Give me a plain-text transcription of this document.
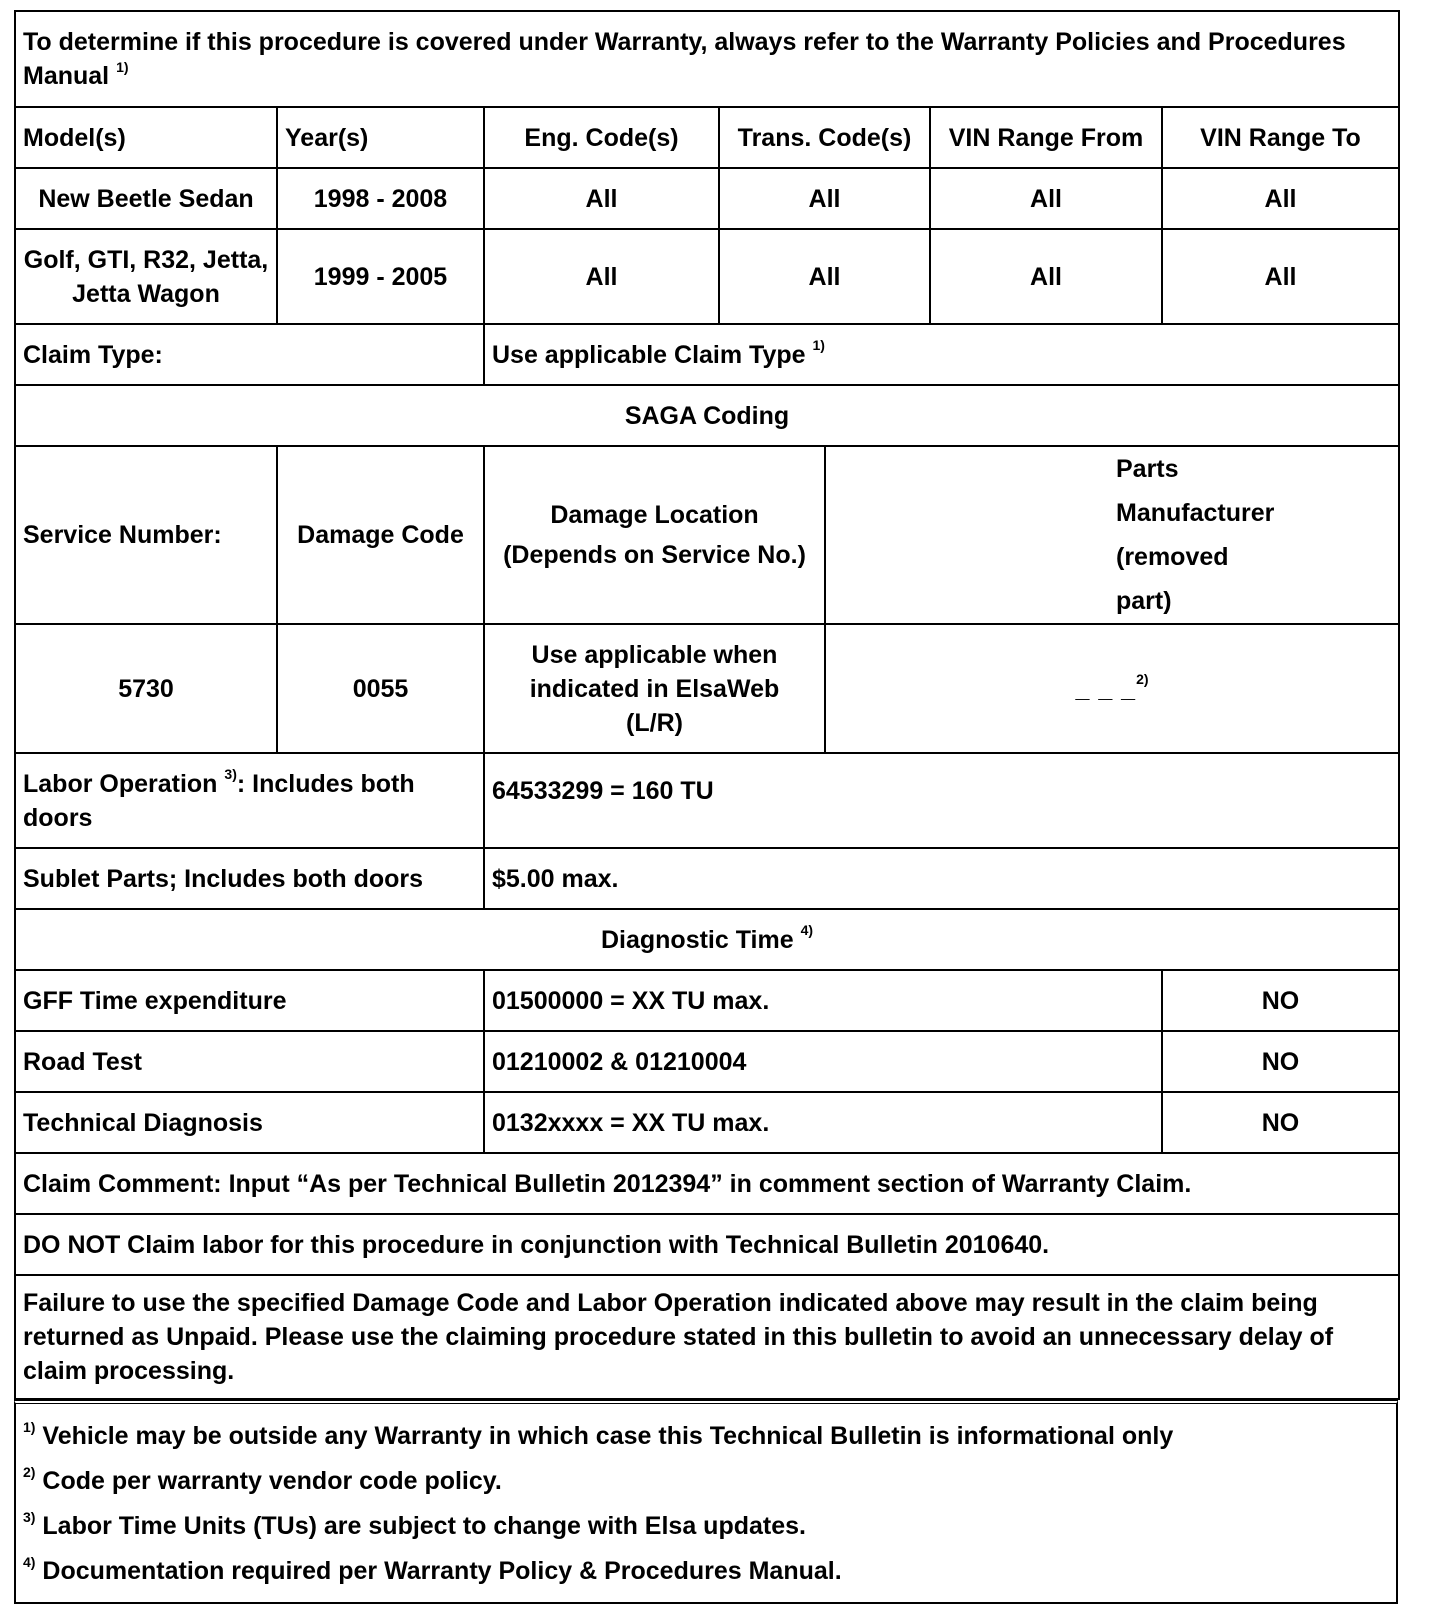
To determine if this procedure is covered under Warranty, always refer to the Warranty Policies and Procedures Manual $^{1)}$
Model(s)	Year(s)	Eng. Code(s)	Trans. Code(s)		VIN Range From	VIN Range To
New Beetle Sedan	1998 - 2008	All	All		All	All
Golf, GTI, R32, Jetta, Jetta Wagon	1999 - 2005	All	All		All	All
Claim Type:		Use applicable Claim Type $^{1)}$
SAGA Coding						
Service Number:	Damage Code	Damage Location (Depends on Service No.)		Parts Manufacturer (removed part)		
5730	0055	Use applicable when indicated in ElsaWeb (L/R)		_ _ _$^{2)}$
Labor Operation $^{3)}$: Includes both doors		64533299 = 160 TU				
Sublet Parts; Includes both doors		$5.00 max.				
Diagnostic Time $^{4)}$
GFF Time expenditure		01500000 = XX TU max.				NO
Road Test		01210002 & 01210004				NO
Technical Diagnosis		0132xxxx = XX TU max.				NO
Claim Comment: Input “As per Technical Bulletin 2012394” in comment section of Warranty Claim.						
DO NOT Claim labor for this procedure in conjunction with Technical Bulletin 2010640.						
Failure to use the specified Damage Code and Labor Operation indicated above may result in the claim being returned as Unpaid. Please use the claiming procedure stated in this bulletin to avoid an unnecessary delay of claim processing.						
$^{1)}$ Vehicle may be outside any Warranty in which case this Technical Bulletin is informational only
$^{2)}$ Code per warranty vendor code policy.
$^{3)}$ Labor Time Units (TUs) are subject to change with Elsa updates.
$^{4)}$ Documentation required per Warranty Policy & Procedures Manual.
